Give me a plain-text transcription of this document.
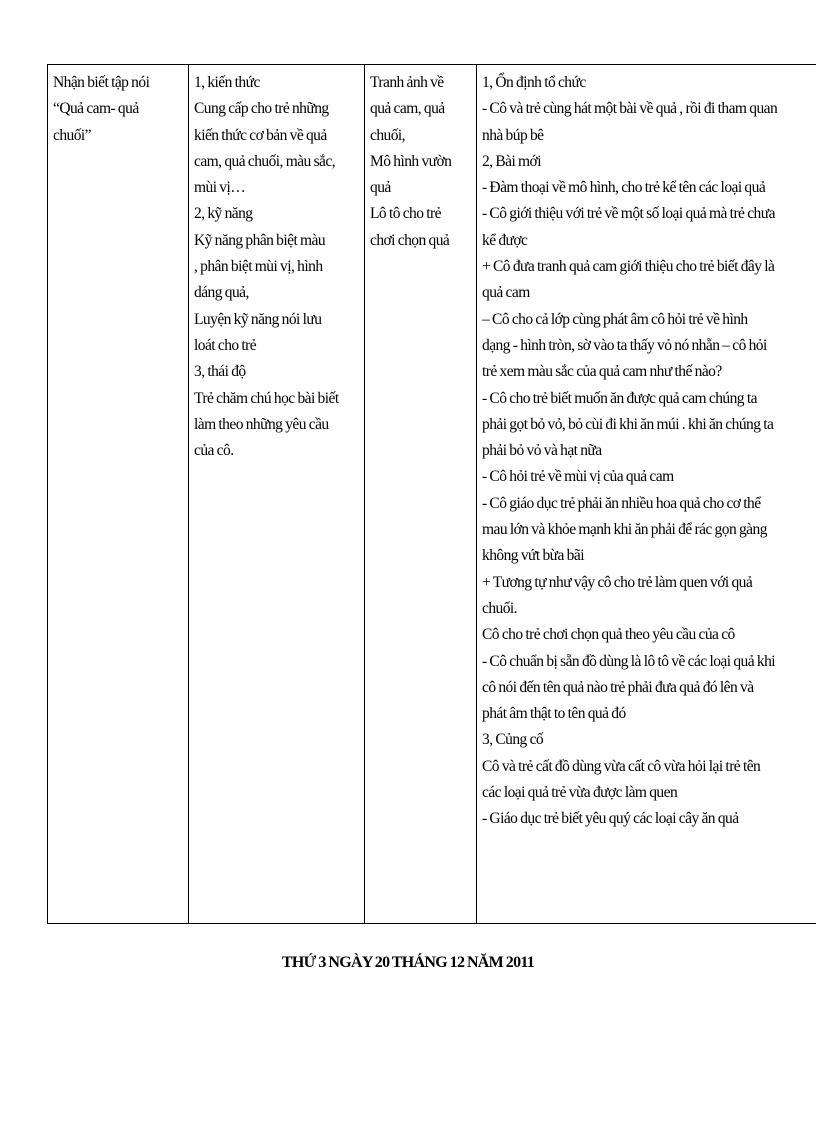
Nhận biết tập nói
“Quả cam- quả
chuối”

1, kiến thức
Cung cấp cho trẻ những
kiến thức cơ bản về quả
cam, quả chuối, màu sắc,
mùi vị…
2, kỹ năng
Kỹ năng phân biệt màu
, phân biệt mùi vị, hình
dáng quả,
Luyện kỹ năng nói lưu
loát cho trẻ
3, thái độ
Trẻ chăm chú học bài biết
làm theo những yêu cầu
của cô.

Tranh ảnh về
quả cam, quả
chuối,
Mô hình vườn
quả
Lô tô cho trẻ
chơi chọn quả

1, Ổn định tổ chức
- Cô và trẻ cùng hát một bài về quả , rồi đi tham quan
nhà búp bê
2, Bài mới
- Đàm thoại về mô hình, cho trẻ kể tên các loại quả
- Cô giới thiệu với trẻ về một số loại quả mà trẻ chưa
kể được
+ Cô đưa tranh quả cam giới thiệu cho trẻ biết đây là
quả cam
– Cô cho cả lớp cùng phát âm cô hỏi trẻ về hình
dạng - hình tròn, sờ vào ta thấy vỏ nó nhẵn – cô hỏi
trẻ xem màu sắc của quả cam như thế nào?
- Cô cho trẻ biết muốn ăn được quả cam chúng ta
phải gọt bỏ vỏ, bỏ cùi đi khi ăn múi . khi ăn chúng ta
phải bỏ vỏ và hạt nữa
- Cô hỏi trẻ về mùi vị của quả cam
- Cô giáo dục trẻ phải ăn nhiều hoa quả cho cơ thể
mau lớn và khỏe mạnh khi ăn phải để rác gọn gàng
không vứt bừa bãi
+ Tương tự như vậy cô cho trẻ làm quen với quả
chuối.
Cô cho trẻ chơi chọn quả theo yêu cầu của cô
- Cô chuẩn bị sẵn đồ dùng là lô tô về các loại quả khi
cô nói đến tên quả nào trẻ phải đưa quả đó lên và
phát âm thật to tên quả đó
3, Củng cố
Cô và trẻ cất đồ dùng vừa cất cô vừa hỏi lại trẻ tên
các loại quả trẻ vừa được làm quen
- Giáo dục trẻ biết yêu quý các loại cây ăn quả
THỨ 3 NGÀY 20 THÁNG 12 NĂM 2011
